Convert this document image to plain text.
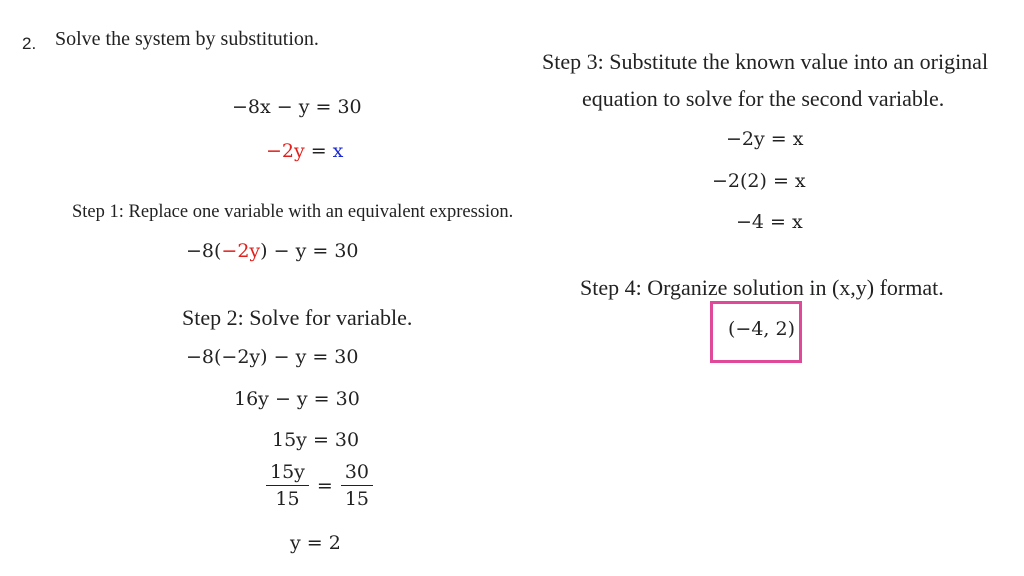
2. Solve the system by substitution.
−8x − y = 30
−2y = x
Step 1: Replace one variable with an equivalent expression.
−8( −2y ) − y = 30
Step 2: Solve for variable.
−8(−2y) − y = 30
16y − y = 30
15y = 30
$\frac{15y}{15} = \frac{30}{15}$
y = 2
Step 3: Substitute the known value into an original
equation to solve for the second variable.
−2y = x
−2(2) = x
−4 = x
Step 4: Organize solution in (x,y) format.
(−4, 2)
